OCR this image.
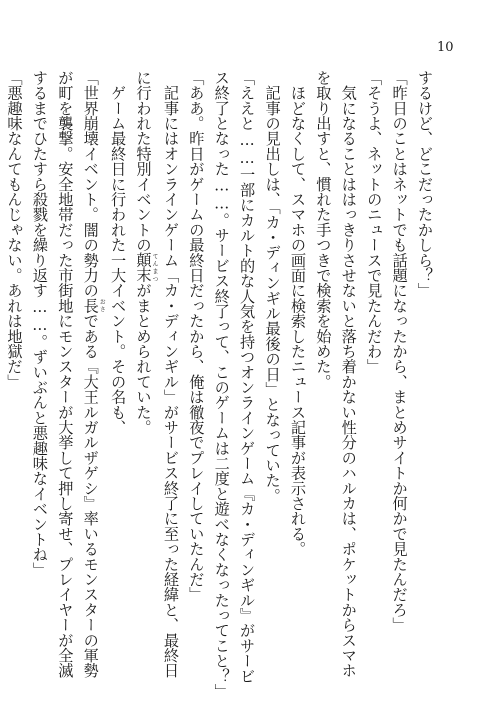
10
するけど、どこだったかしら？」
「昨日のことはネットでも話題になったから、まとめサイトか何かで見たんだろ」
「そうよ、ネットのニュースで見たんだわ」
　気になることははっきりさせないと落ち着かない性分のハルカは、ポケットからスマホ
を取り出すと、慣れた手つきで検索を始めた。
　ほどなくして、スマホの画面に検索したニュース記事が表示される。
　記事の見出しは、「カ・ディンギル最後の日」となっていた。
「ええと……一部にカルト的な人気を持つオンラインゲーム『カ・ディンギル』がサービ
ス終了となった……。サービス終了って、このゲームは二度と遊べなくなったってこと？」
「ああ。昨日がゲームの最終日だったから、俺は徹夜でプレイしていたんだ」
　記事にはオンラインゲーム「カ・ディンギル」がサービス終了に至った経緯と、最終日
に行われた特別イベントの顛末てんまつがまとめられていた。
　ゲーム最終日に行われた一大イベント。その名も、
「世界崩壊イベント。闇の勢力の長おさである『大王ルガルザゲシ』率いるモンスターの軍勢
が町を襲撃。安全地帯だった市街地にモンスターが大挙して押し寄せ、プレイヤーが全滅
するまでひたすら殺戮を繰り返す……。ずいぶんと悪趣味なイベントね」
「悪趣味なんてもんじゃない。あれは地獄だ」
